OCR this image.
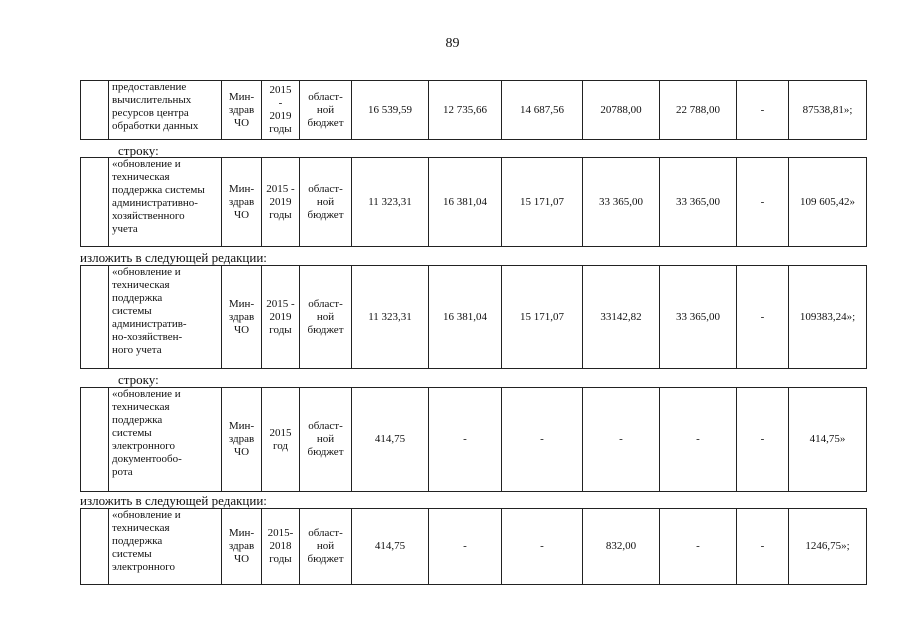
89
	предоставление
вычислительных
ресурсов центра
обработки данных	Мин-
здрав
ЧО	2015
-
2019
годы	област-
ной
бюджет	16 539,59	12 735,66	14 687,56	20788,00	22 788,00	-	87538,81»;
строку:
	«обновление и
техническая
поддержка системы
административно-
хозяйственного
учета	Мин-
здрав
ЧО	2015 -
2019
годы	област-
ной
бюджет	11 323,31	16 381,04	15 171,07	33 365,00	33 365,00	-	109 605,42»
изложить в следующей редакции:
	«обновление и
техническая
поддержка
системы
административ-
но-хозяйствен-
ного учета	Мин-
здрав
ЧО	2015 -
2019
годы	област-
ной
бюджет	11 323,31	16 381,04	15 171,07	33142,82	33 365,00	-	109383,24»;
строку:
	«обновление и
техническая
поддержка
системы
электронного
документообо-
рота	Мин-
здрав
ЧО	2015
год	област-
ной
бюджет	414,75	-	-	-	-	-	414,75»
изложить в следующей редакции:
	«обновление и
техническая
поддержка
системы
электронного	Мин-
здрав
ЧО	2015-
2018
годы	област-
ной
бюджет	414,75	-	-	832,00	-	-	1246,75»;
